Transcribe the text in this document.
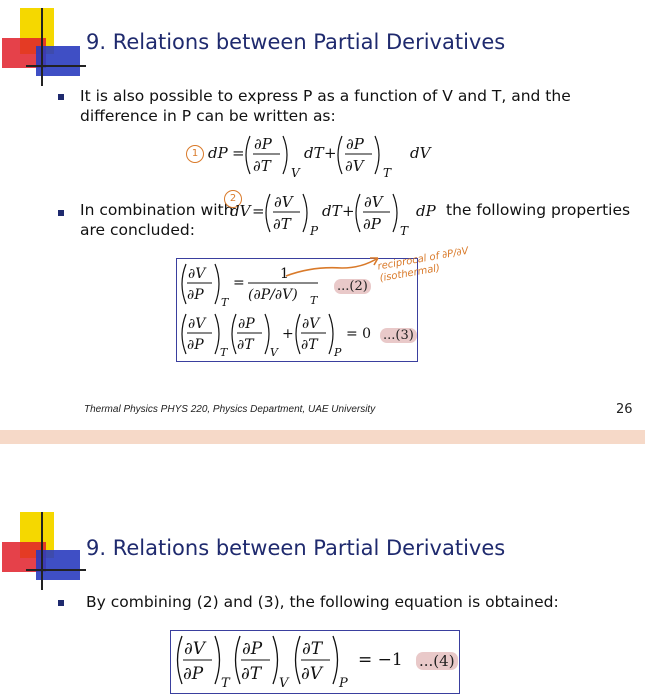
9. Relations between Partial Derivatives
It is also possible to express P as a function of V and T, and the difference in P can be written as:
1 dP = ∂P
∂T V
dT + ∂P
∂V T
dV
In combination with
2
dV = ∂V
∂T P
dT + ∂V
∂P T
dP the following properties
are concluded:
∂V
∂P T
=
1
(∂P/∂V) T
...(2)
∂V
∂P T
∂P
∂T V
+
∂V
∂T P
= 0 ...(3)
reciprocal of ∂P/∂V (isothermal)
Thermal Physics PHYS 220, Physics Department, UAE University	26
9. Relations between Partial Derivatives
By combining (2) and (3), the following equation is obtained:
∂V
∂P T
∂P
∂T V
∂T
∂V P
= −1 ...(4)
